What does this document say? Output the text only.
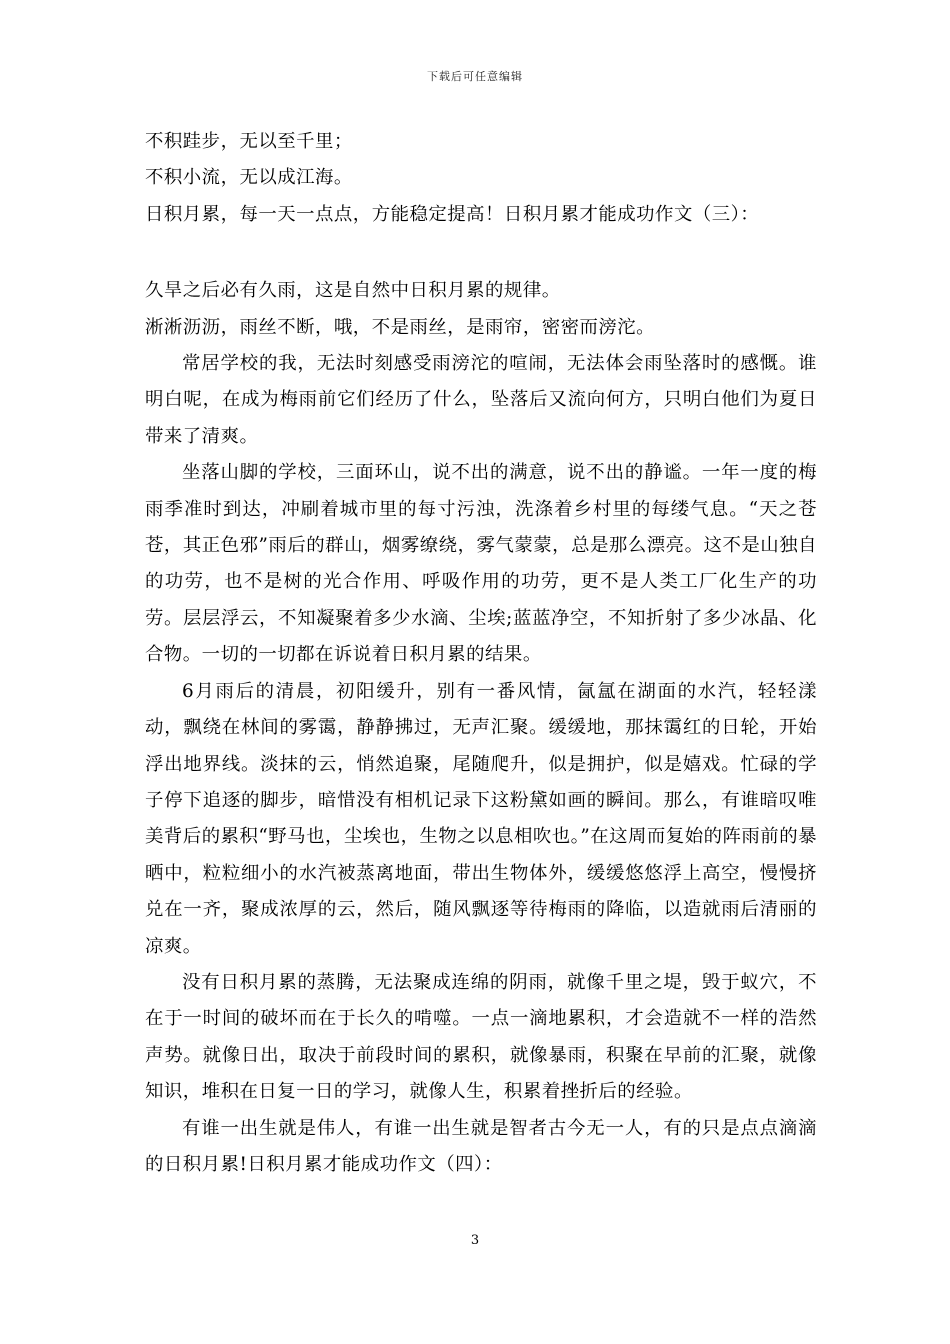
下载后可任意编辑

不积跬步，无以至千里；

不积小流，无以成江海。

日积月累，每一天一点点，方能稳定提高！日积月累才能成功作文（三）：

久旱之后必有久雨，这是自然中日积月累的规律。

淅淅沥沥，雨丝不断，哦，不是雨丝，是雨帘，密密而滂沱。

常居学校的我，无法时刻感受雨滂沱的喧闹，无法体会雨坠落时的感慨。谁明白呢，在成为梅雨前它们经历了什么，坠落后又流向何方，只明白他们为夏日带来了清爽。

坐落山脚的学校，三面环山，说不出的满意，说不出的静谧。一年一度的梅雨季准时到达，冲刷着城市里的每寸污浊，洗涤着乡村里的每缕气息。“天之苍苍，其正色邪”雨后的群山，烟雾缭绕，雾气蒙蒙，总是那么漂亮。这不是山独自的功劳，也不是树的光合作用、呼吸作用的功劳，更不是人类工厂化生产的功劳。层层浮云，不知凝聚着多少水滴、尘埃;蓝蓝净空，不知折射了多少冰晶、化合物。一切的一切都在诉说着日积月累的结果。

6月雨后的清晨，初阳缓升，别有一番风情，氤氲在湖面的水汽，轻轻漾动，飘绕在林间的雾霭，静静拂过，无声汇聚。缓缓地，那抹霭红的日轮，开始浮出地界线。淡抹的云，悄然追聚，尾随爬升，似是拥护，似是嬉戏。忙碌的学子停下追逐的脚步，暗惜没有相机记录下这粉黛如画的瞬间。那么，有谁暗叹唯美背后的累积“野马也，尘埃也，生物之以息相吹也。”在这周而复始的阵雨前的暴晒中，粒粒细小的水汽被蒸离地面，带出生物体外，缓缓悠悠浮上高空，慢慢挤兑在一齐，聚成浓厚的云，然后，随风飘逐等待梅雨的降临，以造就雨后清丽的凉爽。

没有日积月累的蒸腾，无法聚成连绵的阴雨，就像千里之堤，毁于蚁穴，不在于一时间的破坏而在于长久的啃噬。一点一滴地累积，才会造就不一样的浩然声势。就像日出，取决于前段时间的累积，就像暴雨，积聚在早前的汇聚，就像知识，堆积在日复一日的学习，就像人生，积累着挫折后的经验。

有谁一出生就是伟人，有谁一出生就是智者古今无一人，有的只是点点滴滴的日积月累!日积月累才能成功作文（四）：

3
